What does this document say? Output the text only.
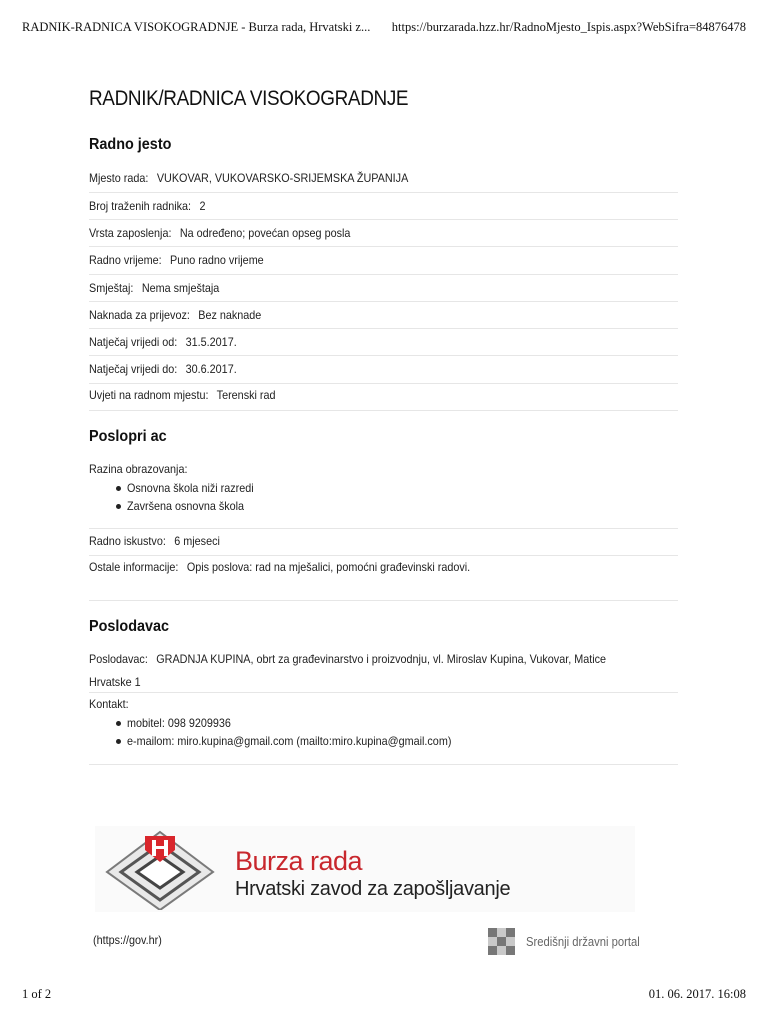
RADNIK-RADNICA VISOKOGRADNJE - Burza rada, Hrvatski z... https://burzarada.hzz.hr/RadnoMjesto_Ispis.aspx?WebSifra=84876478
RADNIK/RADNICA VISOKOGRADNJE
Radno jesto
Mjesto rada: VUKOVAR, VUKOVARSKO-SRIJEMSKA ŽUPANIJA
Broj traženih radnika: 2
Vrsta zaposlenja: Na određeno; povećan opseg posla
Radno vrijeme: Puno radno vrijeme
Smještaj: Nema smještaja
Naknada za prijevoz: Bez naknade
Natječaj vrijedi od: 31.5.2017.
Natječaj vrijedi do: 30.6.2017.
Uvjeti na radnom mjestu: Terenski rad
Poslopri ac
Razina obrazovanja:
Osnovna škola niži razredi
Završena osnovna škola
Radno iskustvo: 6 mjeseci
Ostale informacije: Opis poslova: rad na mješalici, pomoćni građevinski radovi.
Poslodavac
Poslodavac: GRADNJA KUPINA, obrt za građevinarstvo i proizvodnju, vl. Miroslav Kupina, Vukovar, Matice
Hrvatske 1
Kontakt:
mobitel: 098 9209936
e-mailom: miro.kupina@gmail.com (mailto:miro.kupina@gmail.com)
Burza rada
Hrvatski zavod za zapošljavanje
(https://gov.hr)	Središnji državni portal
1 of 2	01. 06. 2017. 16:08
